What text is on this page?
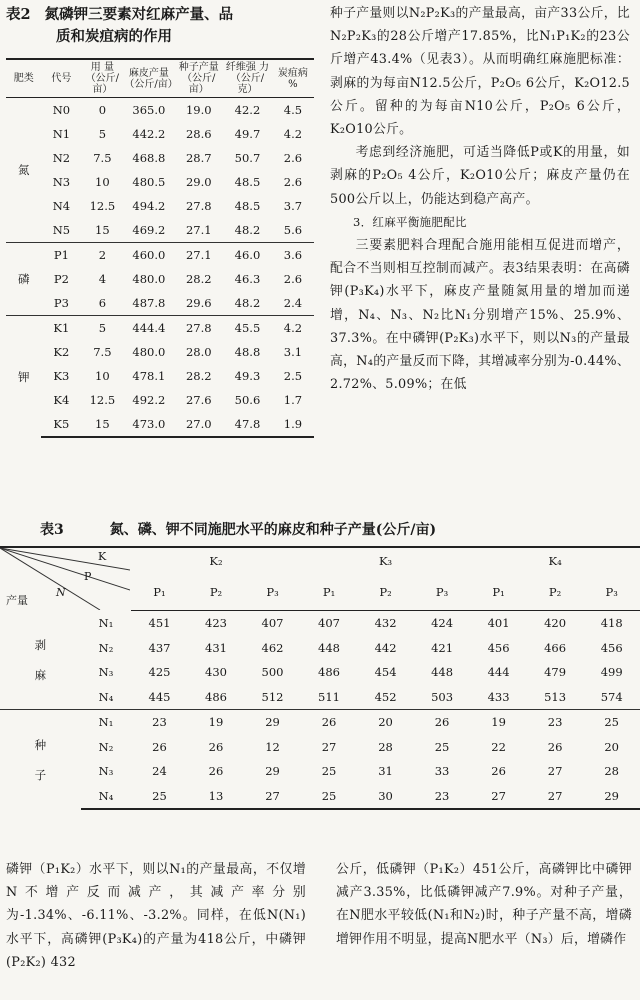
表2 氮磷钾三要素对红麻产量、品
质和炭疽病的作用
肥类	代号	用 量（公斤/亩）	麻皮产量（公斤/亩）	种子产量（公斤/亩）	纤维强 力（公斤/克）	炭疽病 %
氮	N0	0	365.0	19.0	42.2	4.5
	N1	5	442.2	28.6	49.7	4.2
	N2	7.5	468.8	28.7	50.7	2.6
	N3	10	480.5	29.0	48.5	2.6
	N4	12.5	494.2	27.8	48.5	3.7
	N5	15	469.2	27.1	48.2	5.6
磷	P1	2	460.0	27.1	46.0	3.6
	P2	4	480.0	28.2	46.3	2.6
	P3	6	487.8	29.6	48.2	2.4
钾	K1	5	444.4	27.8	45.5	4.2
	K2	7.5	480.0	28.0	48.8	3.1
	K3	10	478.1	28.2	49.3	2.5
	K4	12.5	492.2	27.6	50.6	1.7
	K5	15	473.0	27.0	47.8	1.9

种子产量则以N₂P₂K₃的产量最高，亩产33公斤，比N₂P₂K₃的28公斤增产17.85%，比N₁P₁K₂的23公斤增产43.4%（见表3）。从而明确红麻施肥标准：剥麻的为每亩N12.5公斤，P₂O₅ 6公斤，K₂O12.5公斤。留种的为每亩N10公斤，P₂O₅ 6公斤，K₂O10公斤。

考虑到经济施肥，可适当降低P或K的用量，如剥麻的P₂O₅ 4公斤，K₂O10公斤；麻皮产量仍在500公斤以上，仍能达到稳产高产。

3．红麻平衡施肥配比

三要素肥料合理配合施用能相互促进而增产，配合不当则相互控制而减产。表3结果表明：在高磷钾(P₃K₄)水平下，麻皮产量随氮用量的增加而递增，N₄、N₃、N₂比N₁分别增产15%、25.9%、37.3%。在中磷钾(P₂K₃)水平下，则以N₃的产量最高，N₄的产量反而下降，其增减率分别为-0.44%、2.72%、5.09%；在低

表3	氮、磷、钾不同施肥水平的麻皮和种子产量(公斤/亩)
K
P
N
产量		K₂			K₃			K₄		
		P₁	P₂	P₃	P₁	P₂	P₃	P₁	P₂	P₃

剥
麻	N₁	451	423	407	407	432	424	401	420	418
	N₂	437	431	462	448	442	421	456	466	456
	N₃	425	430	500	486	454	448	444	479	499
	N₄	445	486	512	511	452	503	433	513	574

种
子	N₁	23	19	29	26	20	26	19	23	25
	N₂	26	26	12	27	28	25	22	26	20
	N₃	24	26	29	25	31	33	26	27	28
	N₄	25	13	27	25	30	23	27	27	29

磷钾（P₁K₂）水平下，则以N₁的产量最高，不仅增N不增产反而减产，其减产率分别为-1.34%、-6.11%、-3.2%。同样，在低N(N₁)水平下，高磷钾(P₃K₄)的产量为418公斤，中磷钾(P₂K₂) 432

公斤，低磷钾（P₁K₂）451公斤，高磷钾比中磷钾减产3.35%，比低磷钾减产7.9%。对种子产量，在N肥水平较低(N₁和N₂)时，种子产量不高，增磷增钾作用不明显，提高N肥水平（N₃）后，增磷作
